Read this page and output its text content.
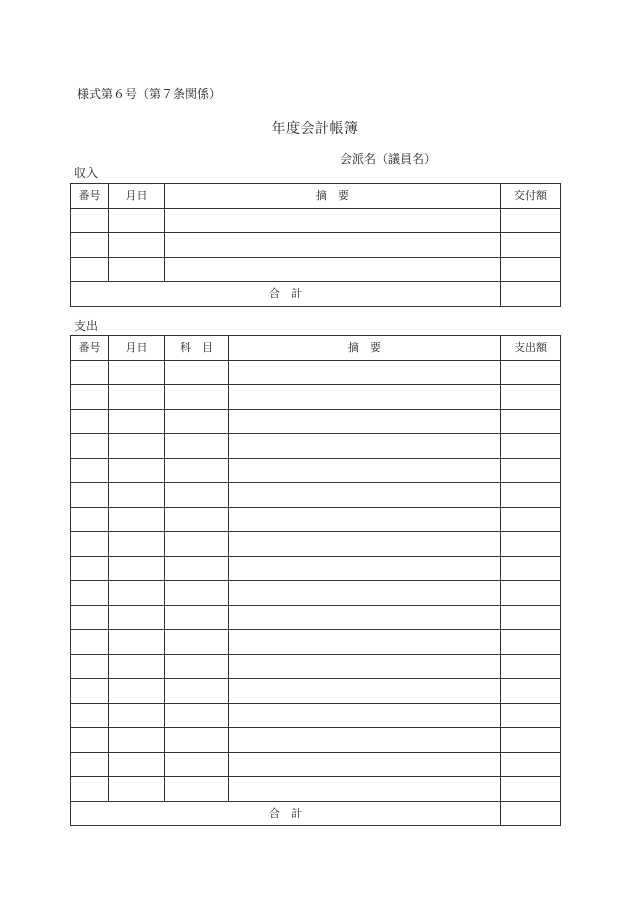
様式第６号（第７条関係）
年度会計帳簿
会派名（議員名）
収入
番号	月日	摘　要	交付額

合　計			
支出
番号	月日	科　目	摘　要	支出額

合　計				
